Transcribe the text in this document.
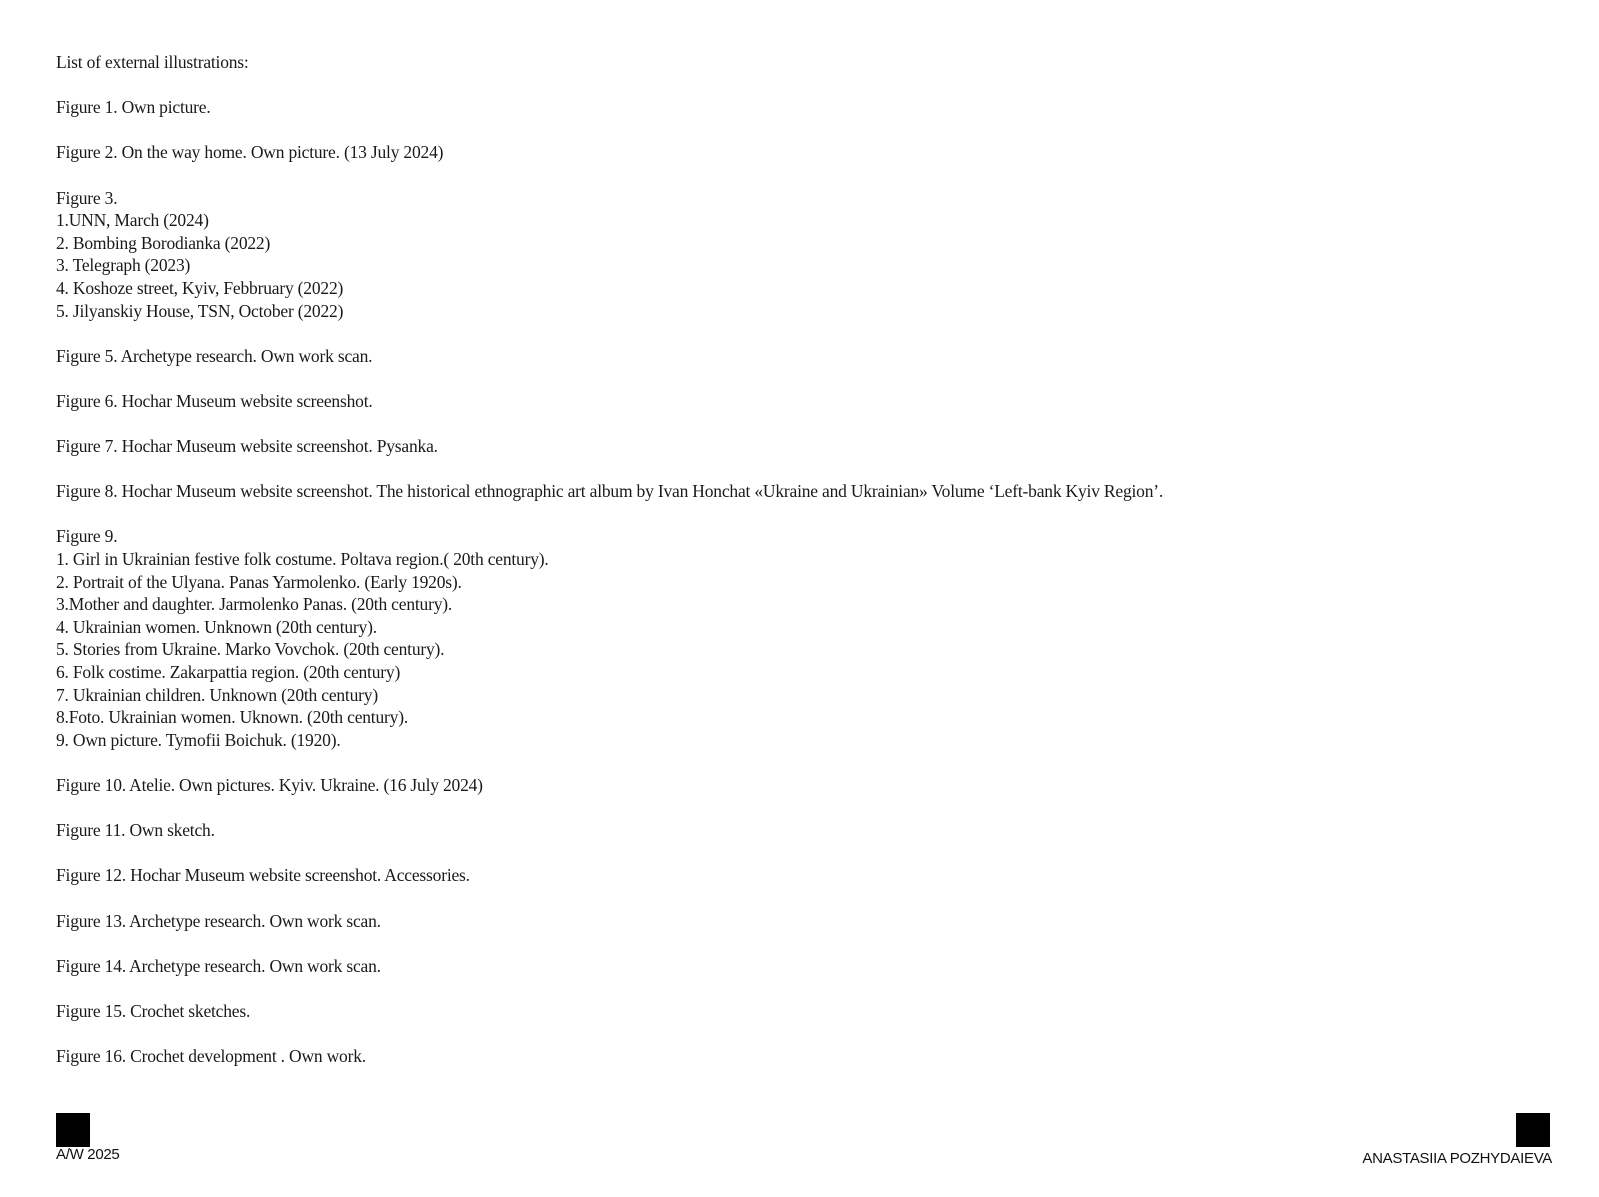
List of external illustrations:
Figure 1. Own picture.
Figure 2. On the way home. Own picture. (13 July 2024)
Figure 3.
1.UNN, March (2024)
2. Bombing Borodianka (2022)
3. Telegraph (2023)
4. Koshoze street, Kyiv, Febbruary (2022)
5. Jilyanskiy House, TSN, October (2022)
Figure 5. Archetype research. Own work scan.
Figure 6. Hochar Museum website screenshot.
Figure 7. Hochar Museum website screenshot. Pysanka.
Figure 8. Hochar Museum website screenshot. The historical ethnographic art album by Ivan Honchat «Ukraine and Ukrainian» Volume ‘Left-bank Kyiv Region’.
Figure 9.
1. Girl in Ukrainian festive folk costume. Poltava region.( 20th century).
2. Portrait of the Ulyana. Panas Yarmolenko. (Early 1920s).
3.Mother and daughter. Jarmolenko Panas. (20th century).
4. Ukrainian women. Unknown (20th century).
5. Stories from Ukraine. Marko Vovchok. (20th century).
6. Folk costime. Zakarpattia region. (20th century)
7. Ukrainian children. Unknown (20th century)
8.Foto. Ukrainian women. Uknown. (20th century).
9. Own picture. Tymofii Boichuk. (1920).
Figure 10. Atelie. Own pictures. Kyiv. Ukraine. (16 July 2024)
Figure 11. Own sketch.
Figure 12. Hochar Museum website screenshot. Accessories.
Figure 13. Archetype research. Own work scan.
Figure 14. Archetype research. Own work scan.
Figure 15. Crochet sketches.
Figure 16. Crochet development . Own work.
A/W 2025	ANASTASIIA POZHYDAIEVA
